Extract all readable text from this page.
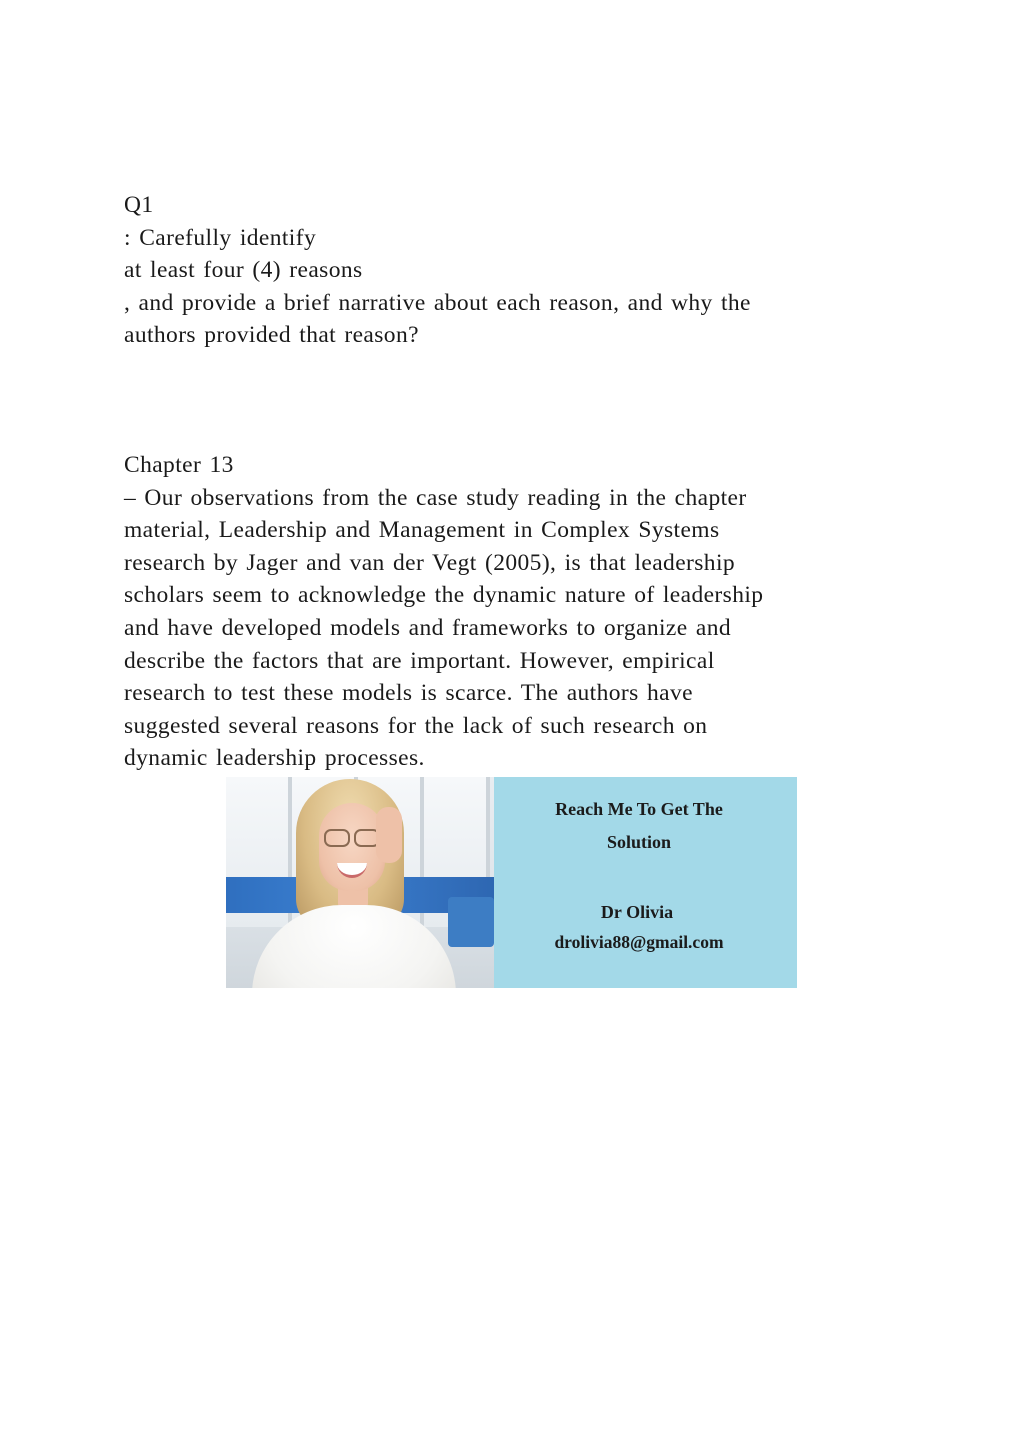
Q1
: Carefully identify
at least four (4) reasons
, and provide a brief narrative about each reason, and why the
authors provided that reason?
Chapter 13
– Our observations from the case study reading in the chapter
material, Leadership and Management in Complex Systems
research by Jager and van der Vegt (2005), is that leadership
scholars seem to acknowledge the dynamic nature of leadership
and have developed models and frameworks to organize and
describe the factors that are important. However, empirical
research to test these models is scarce. The authors have
suggested several reasons for the lack of such research on
dynamic leadership processes.
Reach Me To Get The
Solution
Dr Olivia
drolivia88@gmail.com
